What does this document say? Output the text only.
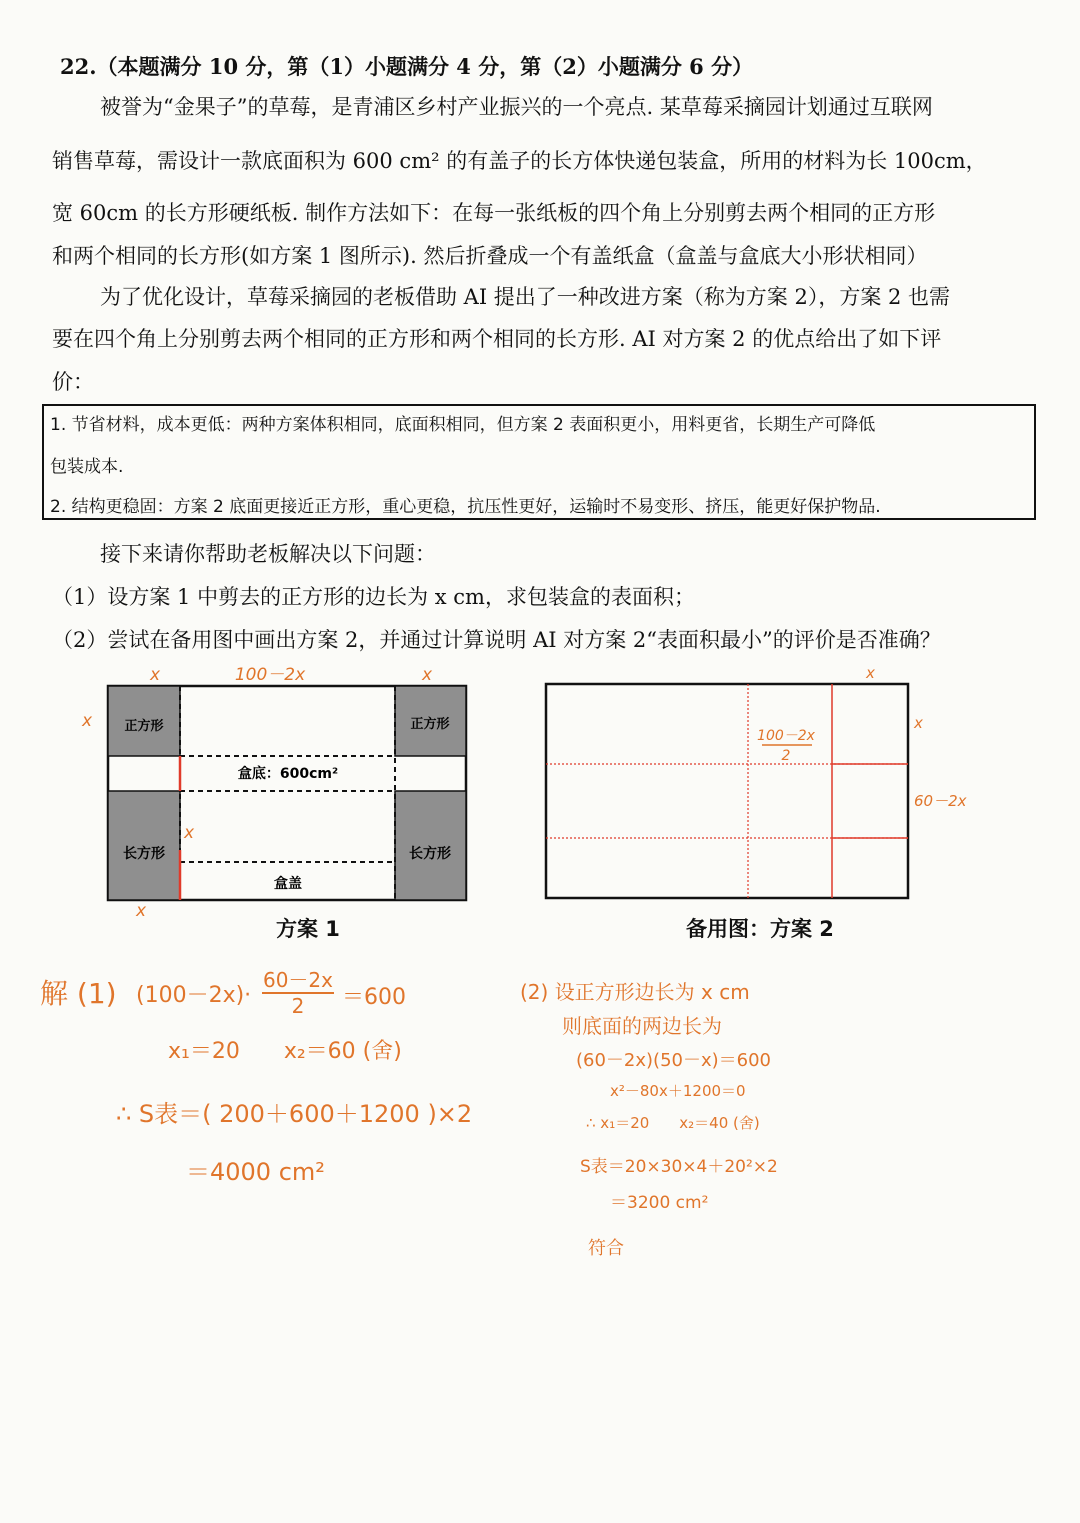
22.（本题满分 10 分，第（1）小题满分 4 分，第（2）小题满分 6 分）
被誉为“金果子”的草莓，是青浦区乡村产业振兴的一个亮点. 某草莓采摘园计划通过互联网
销售草莓，需设计一款底面积为 600 cm² 的有盖子的长方体快递包装盒，所用的材料为长 100cm，
宽 60cm 的长方形硬纸板. 制作方法如下：在每一张纸板的四个角上分别剪去两个相同的正方形
和两个相同的长方形(如方案 1 图所示). 然后折叠成一个有盖纸盒（盒盖与盒底大小形状相同）
为了优化设计，草莓采摘园的老板借助 AI 提出了一种改进方案（称为方案 2），方案 2 也需
要在四个角上分别剪去两个相同的正方形和两个相同的长方形. AI 对方案 2 的优点给出了如下评
价：
1. 节省材料，成本更低：两种方案体积相同，底面积相同，但方案 2 表面积更小，用料更省，长期生产可降低
包装成本.
2. 结构更稳固：方案 2 底面更接近正方形，重心更稳，抗压性更好，运输时不易变形、挤压，能更好保护物品.
接下来请你帮助老板解决以下问题：
（1）设方案 1 中剪去的正方形的边长为 x cm，求包装盒的表面积；
（2）尝试在备用图中画出方案 2，并通过计算说明 AI 对方案 2“表面积最小”的评价是否准确？
正方形	正方形
长方形	长方形
盒底：600cm²
盒盖
x	100－2x	x
x
x
x
方案 1
x
100－2x
2
x
60－2x
备用图：方案 2
解 (1) (100－2x)·
60－2x
2	＝600
x₁＝20　　x₂＝60 (舍)
∴ S表＝( 200＋600＋1200 )×2
＝4000 cm²
(2) 设正方形边长为 x cm
则底面的两边长为
(60－2x)(50－x)＝600
x²－80x＋1200＝0
∴ x₁＝20　　x₂＝40 (舍)
S表＝20×30×4＋20²×2
＝3200 cm²
符合
